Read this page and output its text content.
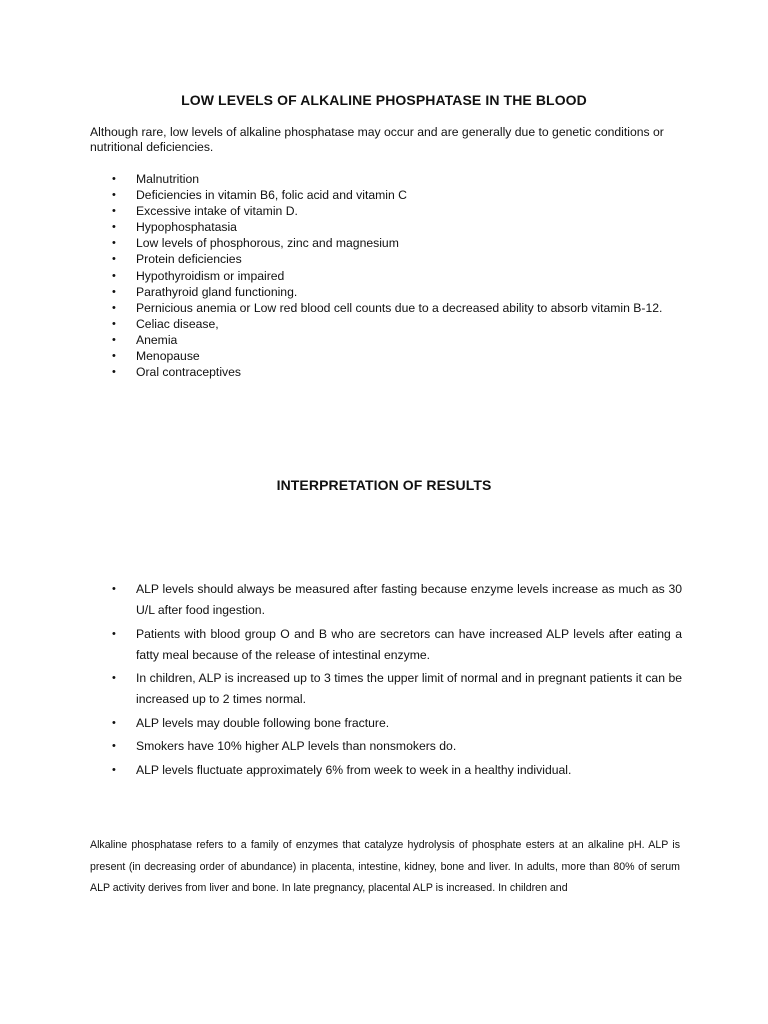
LOW LEVELS OF ALKALINE PHOSPHATASE IN THE BLOOD
Although rare, low levels of alkaline phosphatase may occur and are generally due to genetic conditions or nutritional deficiencies.
• Malnutrition
• Deficiencies in vitamin B6, folic acid and vitamin C
• Excessive intake of vitamin D.
• Hypophosphatasia
• Low levels of phosphorous, zinc and magnesium
• Protein deficiencies
• Hypothyroidism or impaired
• Parathyroid gland functioning.
• Pernicious anemia or Low red blood cell counts due to a decreased ability to absorb vitamin B-12.
• Celiac disease,
• Anemia
• Menopause
• Oral contraceptives
INTERPRETATION OF RESULTS
• ALP levels should always be measured after fasting because enzyme levels increase as much as 30 U/L after food ingestion.
• Patients with blood group O and B who are secretors can have increased ALP levels after eating a fatty meal because of the release of intestinal enzyme.
• In children, ALP is increased up to 3 times the upper limit of normal and in pregnant patients it can be increased up to 2 times normal.
• ALP levels may double following bone fracture.
• Smokers have 10% higher ALP levels than nonsmokers do.
• ALP levels fluctuate approximately 6% from week to week in a healthy individual.
Alkaline phosphatase refers to a family of enzymes that catalyze hydrolysis of phosphate esters at an alkaline pH. ALP is present (in decreasing order of abundance) in placenta, intestine, kidney, bone and liver. In adults, more than 80% of serum ALP activity derives from liver and bone. In late pregnancy, placental ALP is increased. In children and
